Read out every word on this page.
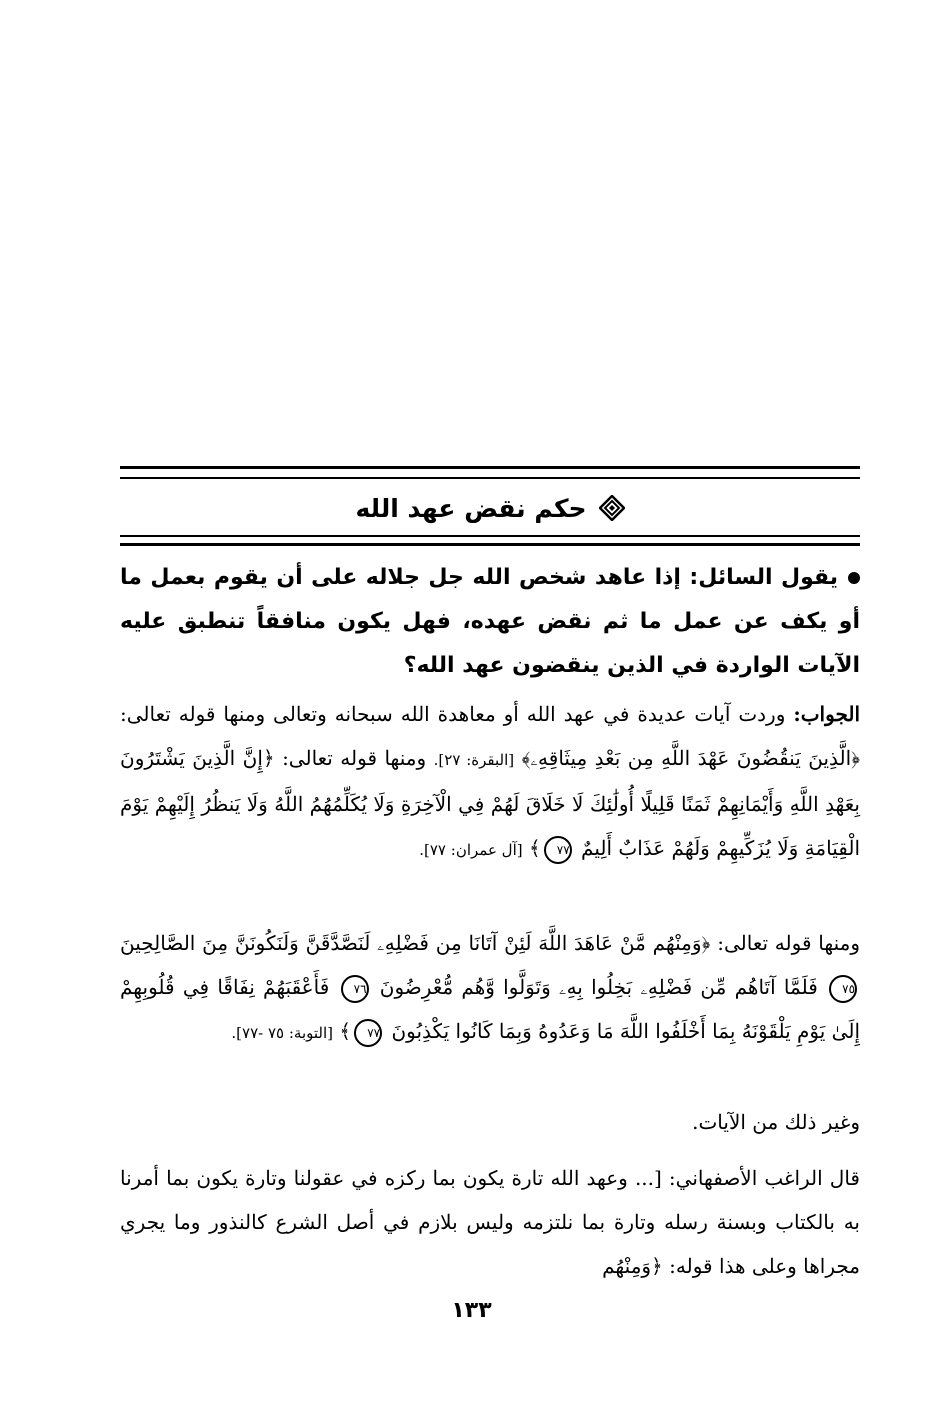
حكم نقض عهد الله
يقول السائل: إذا عاهد شخص الله جل جلاله على أن يقوم بعمل ما أو يكف عن عمل ما ثم نقض عهده، فهل يكون منافقاً تنطبق عليه الآيات الواردة في الذين ينقضون عهد الله؟
الجواب: وردت آيات عديدة في عهد الله أو معاهدة الله سبحانه وتعالى ومنها قوله تعالى: ﴿الَّذِينَ يَنقُضُونَ عَهْدَ اللَّهِ مِن بَعْدِ مِيثَاقِهِۦ﴾ [البقرة: ٢٧]. ومنها قوله تعالى: ﴿إِنَّ الَّذِينَ يَشْتَرُونَ بِعَهْدِ اللَّهِ وَأَيْمَانِهِمْ ثَمَنًا قَلِيلًا أُولَٰئِكَ لَا خَلَاقَ لَهُمْ فِي الْآخِرَةِ وَلَا يُكَلِّمُهُمُ اللَّهُ وَلَا يَنظُرُ إِلَيْهِمْ يَوْمَ الْقِيَامَةِ وَلَا يُزَكِّيهِمْ وَلَهُمْ عَذَابٌ أَلِيمٌ ٧٧﴾ [آل عمران: ٧٧].
ومنها قوله تعالى: ﴿وَمِنْهُم مَّنْ عَاهَدَ اللَّهَ لَئِنْ آتَانَا مِن فَضْلِهِۦ لَنَصَّدَّقَنَّ وَلَنَكُونَنَّ مِنَ الصَّالِحِينَ ٧٥ فَلَمَّا آتَاهُم مِّن فَضْلِهِۦ بَخِلُوا بِهِۦ وَتَوَلَّوا وَّهُم مُّعْرِضُونَ ٧٦ فَأَعْقَبَهُمْ نِفَاقًا فِي قُلُوبِهِمْ إِلَىٰ يَوْمِ يَلْقَوْنَهُ بِمَا أَخْلَفُوا اللَّهَ مَا وَعَدُوهُ وَبِمَا كَانُوا يَكْذِبُونَ ٧٧﴾ [التوبة: ٧٥ -٧٧].
وغير ذلك من الآيات.
قال الراغب الأصفهاني: [... وعهد الله تارة يكون بما ركزه في عقولنا وتارة يكون بما أمرنا به بالكتاب وبسنة رسله وتارة بما نلتزمه وليس بلازم في أصل الشرع كالنذور وما يجري مجراها وعلى هذا قوله: ﴿وَمِنْهُم
١٣٣
